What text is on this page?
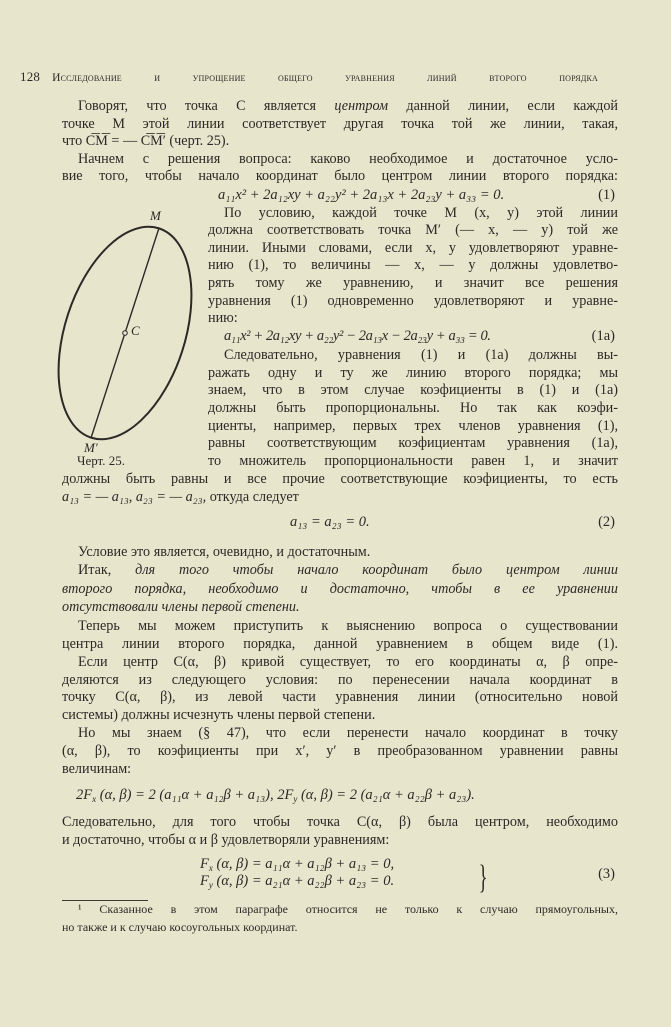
128 Исследование и упрощение общего уравнения линий второго порядка
M
M′
C
Черт. 25.
Говорят, что точка C является центром данной линии, если каждой
точке M этой линии соответствует другая точка той же линии, такая,
что C͞M͞ = — C͞M͞′ (черт. 25).
Начнем с решения вопроса: каково необходимое и достаточное усло-
вие того, чтобы начало координат было центром линии второго порядка:
a₁₁x² + 2a₁₂xy + a₂₂y² + 2a₁₃x + 2a₂₃y + a₃₃ = 0.	(1)
По условию, каждой точке M (x, y) этой линии
должна соответствовать точка M′ (— x, — y) той же
линии. Иными словами, если x, y удовлетворяют уравне-
нию (1), то величины — x, — y должны удовлетво-
рять тому же уравнению, и значит все решения
уравнения (1) одновременно удовлетворяют и уравне-
нию:
a₁₁x² + 2a₁₂xy + a₂₂y² − 2a₁₃x − 2a₂₃y + a₃₃ = 0.	(1a)
Следовательно, уравнения (1) и (1a) должны вы-
ражать одну и ту же линию второго порядка; мы
знаем, что в этом случае коэфициенты в (1) и (1a)
должны быть пропорциональны. Но так как коэфи-
циенты, например, первых трех членов уравнения (1),
равны соответствующим коэфициентам уравнения (1a),
то множитель пропорциональности равен 1, и значит
должны быть равны и все прочие соответствующие коэфициенты, то есть
a₁₃ = — a₁₃, a₂₃ = — a₂₃, откуда следует
a₁₃ = a₂₃ = 0.	(2)
Условие это является, очевидно, и достаточным.
Итак, для того чтобы начало координат было центром линии
второго порядка, необходимо и достаточно, чтобы в ее уравнении
отсутствовали члены первой степени.
Теперь мы можем приступить к выяснению вопроса о существовании
центра линии второго порядка, данной уравнением в общем виде (1).
Если центр C(α, β) кривой существует, то его координаты α, β опре-
деляются из следующего условия: по перенесении начала координат в
точку C(α, β), из левой части уравнения линии (относительно новой
системы) должны исчезнуть члены первой степени.
Но мы знаем (§ 47), что если перенести начало координат в точку
(α, β), то коэфициенты при x′, y′ в преобразованном уравнении равны
величинам:
$2F_x$ (α, β) = 2 (a₁₁α + a₁₂β + a₁₃), $2F_y$ (α, β) = 2 (a₂₁α + a₂₂β + a₂₃).
Следовательно, для того чтобы точка C(α, β) была центром, необходимо
и достаточно, чтобы α и β удовлетворяли уравнениям:
$F_x$ (α, β) = a₁₁α + a₁₂β + a₁₃ = 0,
$F_y$ (α, β) = a₂₁α + a₂₂β + a₂₃ = 0. }	(3)
¹ Сказанное в этом параграфе относится не только к случаю прямоугольных,
но также и к случаю косоугольных координат.
